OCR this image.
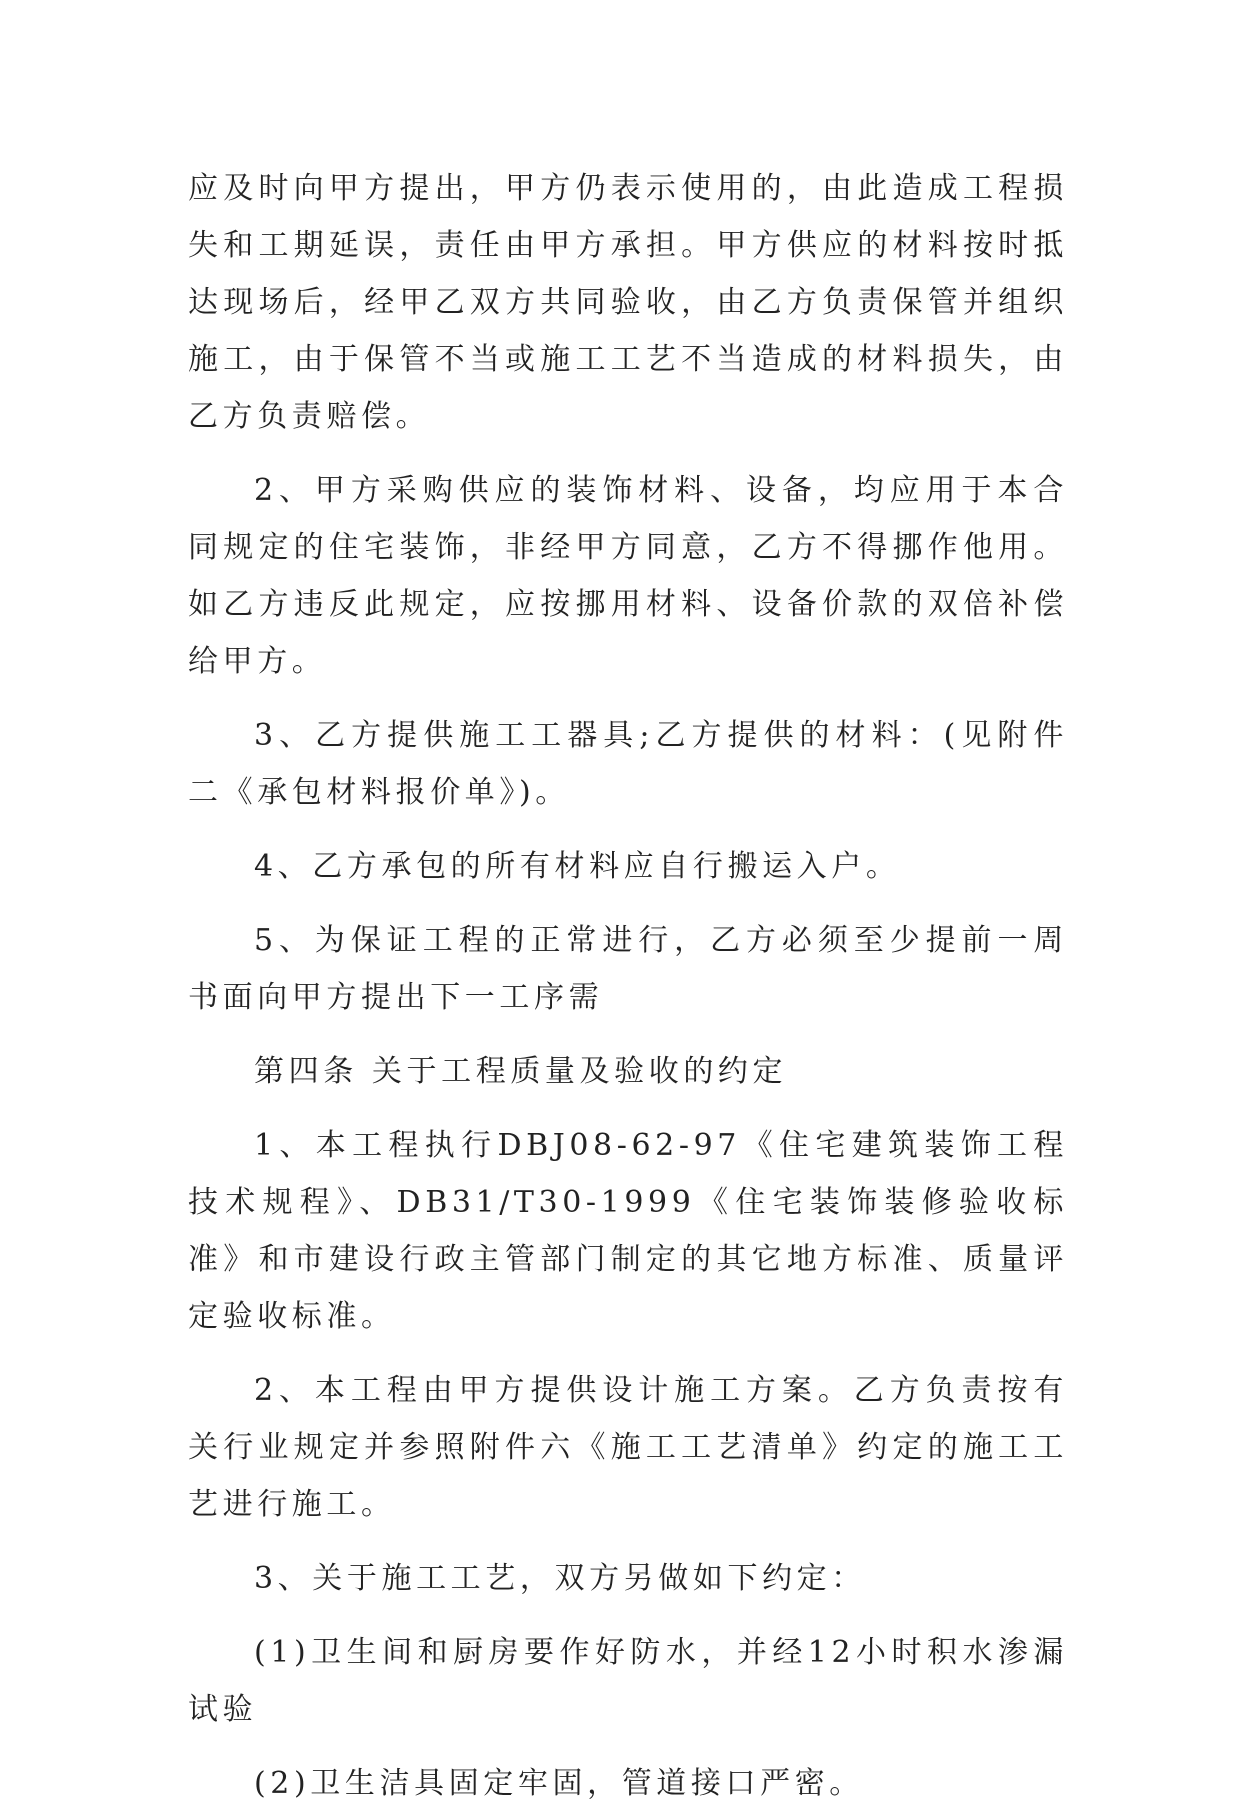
应及时向甲方提出，甲方仍表示使用的，由此造成工程损失和工期延误，责任由甲方承担。甲方供应的材料按时抵达现场后，经甲乙双方共同验收，由乙方负责保管并组织施工，由于保管不当或施工工艺不当造成的材料损失，由乙方负责赔偿。

2、甲方采购供应的装饰材料、设备，均应用于本合同规定的住宅装饰，非经甲方同意，乙方不得挪作他用。如乙方违反此规定，应按挪用材料、设备价款的双倍补偿给甲方。

3、乙方提供施工工器具;乙方提供的材料：(见附件二《承包材料报价单》)。

4、乙方承包的所有材料应自行搬运入户。

5、为保证工程的正常进行，乙方必须至少提前一周书面向甲方提出下一工序需

第四条 关于工程质量及验收的约定

1、本工程执行DBJ08-62-97《住宅建筑装饰工程技术规程》、DB31/T30-1999《住宅装饰装修验收标准》和市建设行政主管部门制定的其它地方标准、质量评定验收标准。

2、本工程由甲方提供设计施工方案。乙方负责按有关行业规定并参照附件六《施工工艺清单》约定的施工工艺进行施工。

3、关于施工工艺，双方另做如下约定：

(1)卫生间和厨房要作好防水，并经12小时积水渗漏试验

(2)卫生洁具固定牢固，管道接口严密。
